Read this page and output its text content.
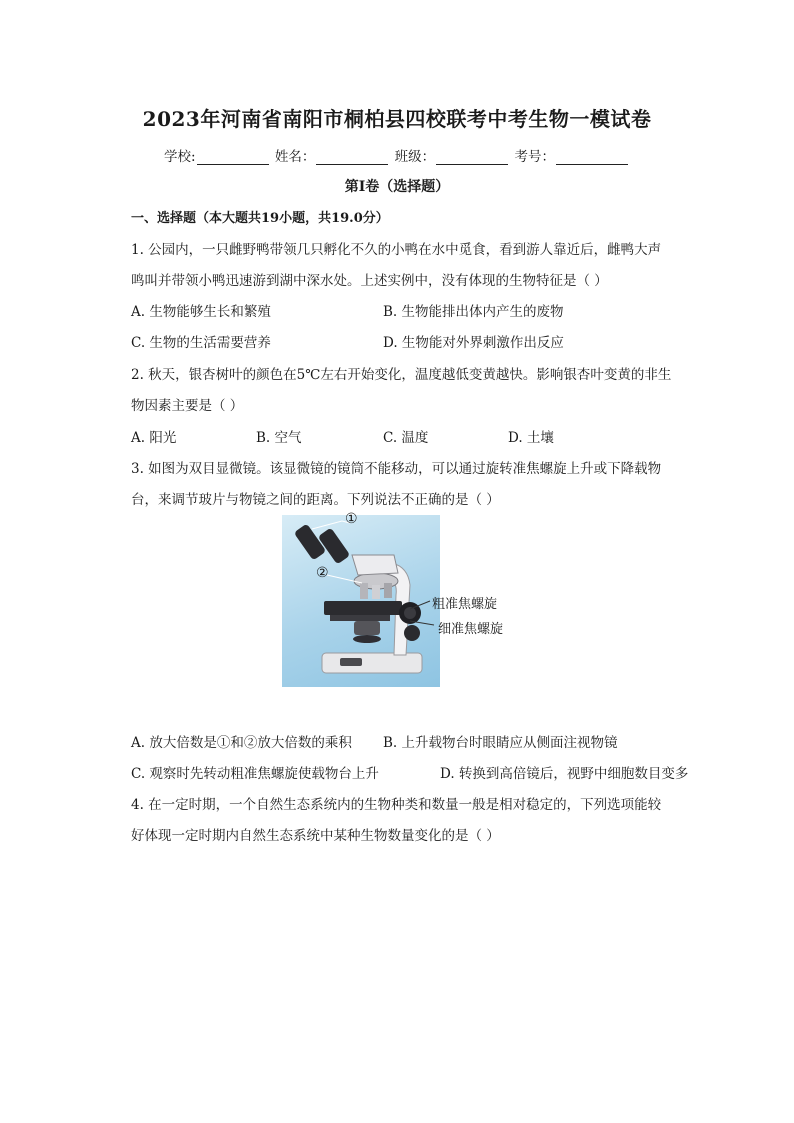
2023年河南省南阳市桐柏县四校联考中考生物一模试卷
学校:	姓名：	班级：	考号：
第I卷（选择题）
一、选择题（本大题共19小题，共19.0分）
1. 公园内，一只雌野鸭带领几只孵化不久的小鸭在水中觅食，看到游人靠近后，雌鸭大声
鸣叫并带领小鸭迅速游到湖中深水处。上述实例中，没有体现的生物特征是（ ）
A. 生物能够生长和繁殖	B. 生物能排出体内产生的废物
C. 生物的生活需要营养	D. 生物能对外界刺激作出反应
2. 秋天，银杏树叶的颜色在5℃左右开始变化，温度越低变黄越快。影响银杏叶变黄的非生
物因素主要是（ ）
A. 阳光	B. 空气	C. 温度	D. 土壤
3. 如图为双目显微镜。该显微镜的镜筒不能移动，可以通过旋转准焦螺旋上升或下降载物
台，来调节玻片与物镜之间的距离。下列说法不正确的是（ ）
①
②
粗准焦螺旋
细准焦螺旋
A. 放大倍数是①和②放大倍数的乘积 B. 上升载物台时眼睛应从侧面注视物镜
C. 观察时先转动粗准焦螺旋使载物台上升	D. 转换到高倍镜后，视野中细胞数目变多
4. 在一定时期，一个自然生态系统内的生物种类和数量一般是相对稳定的，下列选项能较
好体现一定时期内自然生态系统中某种生物数量变化的是（ ）
